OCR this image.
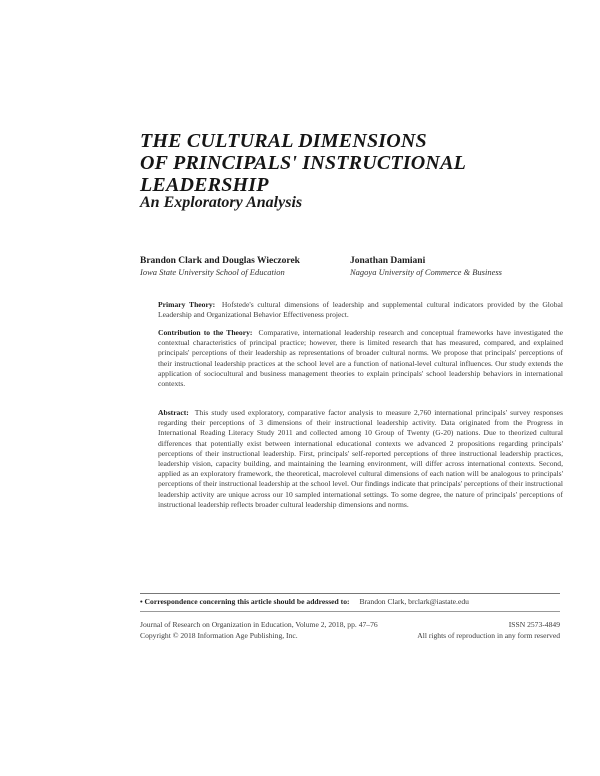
THE CULTURAL DIMENSIONS
OF PRINCIPALS' INSTRUCTIONAL
LEADERSHIP
An Exploratory Analysis
Brandon Clark and Douglas Wieczorek
Iowa State University School of Education
Jonathan Damiani
Nagoya University of Commerce & Business
Primary Theory: Hofstede's cultural dimensions of leadership and supplemental cultural indicators provided by the Global Leadership and Organizational Behavior Effectiveness project.
Contribution to the Theory: Comparative, international leadership research and conceptual frameworks have investigated the contextual characteristics of principal practice; however, there is limited research that has measured, compared, and explained principals' perceptions of their leadership as representations of broader cultural norms. We propose that principals' perceptions of their instructional leadership practices at the school level are a function of national-level cultural influences. Our study extends the application of sociocultural and business management theories to explain principals' school leadership behaviors in international contexts.
Abstract: This study used exploratory, comparative factor analysis to measure 2,760 international principals' survey responses regarding their perceptions of 3 dimensions of their instructional leadership activity. Data originated from the Progress in International Reading Literacy Study 2011 and collected among 10 Group of Twenty (G-20) nations. Due to theorized cultural differences that potentially exist between international educational contexts we advanced 2 propositions regarding principals' perceptions of their instructional leadership. First, principals' self-reported perceptions of three instructional leadership practices, leadership vision, capacity building, and maintaining the learning environment, will differ across international contexts. Second, applied as an exploratory framework, the theoretical, macrolevel cultural dimensions of each nation will be analogous to principals' perceptions of their instructional leadership at the school level. Our findings indicate that principals' perceptions of their instructional leadership activity are unique across our 10 sampled international settings. To some degree, the nature of principals' perceptions of instructional leadership reflects broader cultural leadership dimensions and norms.
• Correspondence concerning this article should be addressed to: Brandon Clark, brclark@iastate.edu
Journal of Research on Organization in Education, Volume 2, 2018, pp. 47–76	ISSN 2573-4849
Copyright © 2018 Information Age Publishing, Inc.	All rights of reproduction in any form reserved
